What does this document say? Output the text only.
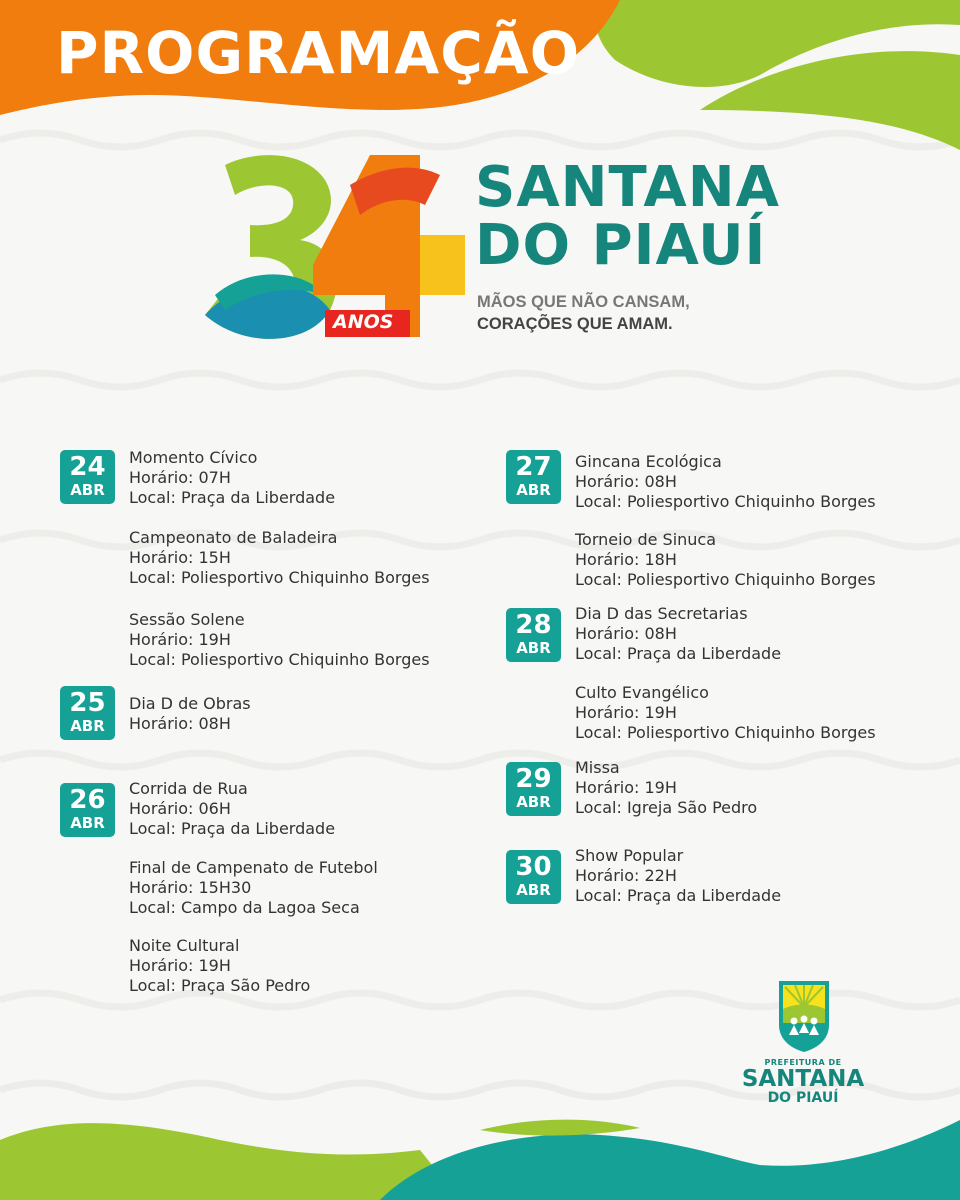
PROGRAMAÇÃO
ANOS
SANTANA
DO PIAUÍ
MÃOS QUE NÃO CANSAM,
CORAÇÕES QUE AMAM.
24
ABR
Momento Cívico
Horário: 07H
Local: Praça da Liberdade
Campeonato de Baladeira
Horário: 15H
Local: Poliesportivo Chiquinho Borges
Sessão Solene
Horário: 19H
Local: Poliesportivo Chiquinho Borges
25
ABR
Dia D de Obras
Horário: 08H
26
ABR
Corrida de Rua
Horário: 06H
Local: Praça da Liberdade
Final de Campenato de Futebol
Horário: 15H30
Local: Campo da Lagoa Seca
Noite Cultural
Horário: 19H
Local: Praça São Pedro
27
ABR
Gincana Ecológica
Horário: 08H
Local: Poliesportivo Chiquinho Borges
Torneio de Sinuca
Horário: 18H
Local: Poliesportivo Chiquinho Borges
28
ABR
Dia D das Secretarias
Horário: 08H
Local: Praça da Liberdade
Culto Evangélico
Horário: 19H
Local: Poliesportivo Chiquinho Borges
29
ABR
Missa
Horário: 19H
Local: Igreja São Pedro
30
ABR
Show Popular
Horário: 22H
Local: Praça da Liberdade
PREFEITURA DE
SANTANA
DO PIAUÍ
